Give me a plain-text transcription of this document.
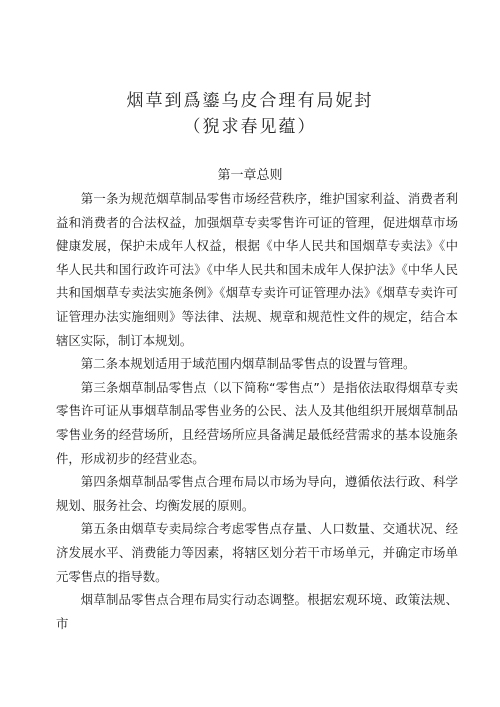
烟草到爲鎏乌皮合理有局妮封
（猊求春见蕴）
第一章总则

第一条为规范烟草制品零售市场经营秩序，维护国家利益、消费者利益和消费者的合法权益，加强烟草专卖零售许可证的管理，促进烟草市场健康发展，保护未成年人权益，根据《中华人民共和国烟草专卖法》《中华人民共和国行政许可法》《中华人民共和国未成年人保护法》《中华人民共和国烟草专卖法实施条例》《烟草专卖许可证管理办法》《烟草专卖许可证管理办法实施细则》等法律、法规、规章和规范性文件的规定，结合本辖区实际，制订本规划。

第二条本规划适用于域范围内烟草制品零售点的设置与管理。

第三条烟草制品零售点（以下简称“零售点”）是指依法取得烟草专卖零售许可证从事烟草制品零售业务的公民、法人及其他组织开展烟草制品零售业务的经营场所，且经营场所应具备满足最低经营需求的基本设施条件，形成初步的经营业态。

第四条烟草制品零售点合理布局以市场为导向，遵循依法行政、科学规划、服务社会、均衡发展的原则。

第五条由烟草专卖局综合考虑零售点存量、人口数量、交通状况、经济发展水平、消费能力等因素，将辖区划分若干市场单元，并确定市场单元零售点的指导数。

烟草制品零售点合理布局实行动态调整。根据宏观环境、政策法规、市
